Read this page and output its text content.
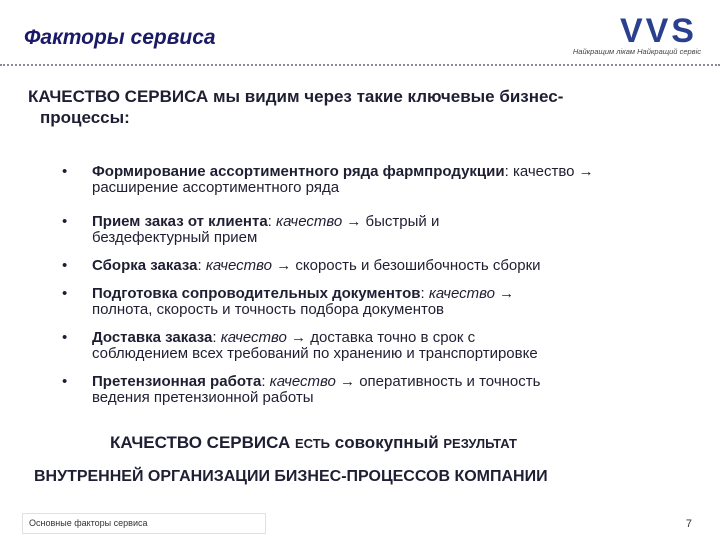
Факторы сервиса	VVS
Найкращим лікам Найкращий сервіс
КАЧЕСТВО СЕРВИСА мы видим через такие ключевые бизнес-
процессы:
• Формирование ассортиментного ряда фармпродукции: качество → расширение ассортиментного ряда
• Прием заказ от клиента: качество → быстрый и
бездефектурный прием
• Сборка заказа: качество → скорость и безошибочность сборки
• Подготовка сопроводительных документов: качество →
полнота, скорость и точность подбора документов
• Доставка заказа: качество → доставка точно в срок с
соблюдением всех требований по хранению и транспортировке
• Претензионная работа: качество → оперативность и точность
ведения претензионной работы
КАЧЕСТВО СЕРВИСА ЕСТЬ совокупный РЕЗУЛЬТАТ
ВНУТРЕННЕЙ ОРГАНИЗАЦИИ БИЗНЕС-ПРОЦЕССОВ КОМПАНИИ
Основные факторы сервиса	7
